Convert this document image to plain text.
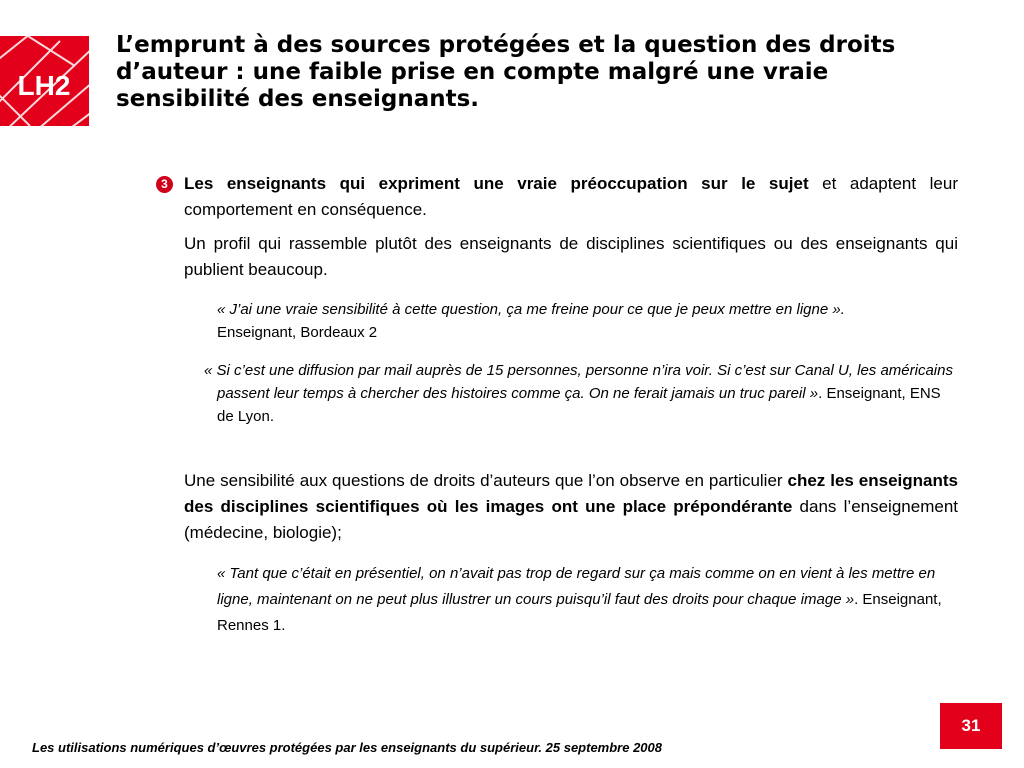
LH2
L’emprunt à des sources protégées et la question des droits d’auteur : une faible prise en compte malgré une vraie sensibilité des enseignants.
3 Les enseignants qui expriment une vraie préoccupation sur le sujet et adaptent leur comportement en conséquence.

Un profil qui rassemble plutôt des enseignants de disciplines scientifiques ou des enseignants qui publient beaucoup.

« J’ai une vraie sensibilité à cette question, ça me freine pour ce que je peux mettre en ligne ».
Enseignant, Bordeaux 2

« Si c’est une diffusion par mail auprès de 15 personnes, personne n’ira voir. Si c’est sur Canal U, les américains passent leur temps à chercher des histoires comme ça. On ne ferait jamais un truc pareil ». Enseignant, ENS de Lyon.

Une sensibilité aux questions de droits d’auteurs que l’on observe en particulier chez les enseignants des disciplines scientifiques où les images ont une place prépondérante dans l’enseignement (médecine, biologie);

« Tant que c’était en présentiel, on n’avait pas trop de regard sur ça mais comme on en vient à les mettre en ligne, maintenant on ne peut plus illustrer un cours puisqu’il faut des droits pour chaque image ». Enseignant, Rennes 1.

Les utilisations numériques d’œuvres protégées par les enseignants du supérieur. 25 septembre 2008
31
